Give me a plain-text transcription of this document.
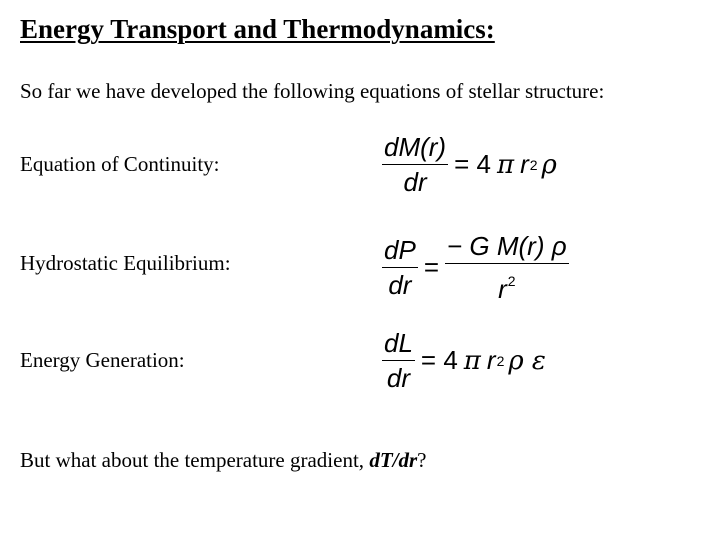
Energy Transport and Thermodynamics:
So far we have developed the following equations of stellar structure:
Equation of Continuity:	$\frac{dM(r)}{dr} = 4$ π r 2 ρ
Hydrostatic Equilibrium:	$\frac{dP}{dr} = \frac{\text{− G M(r) ρ}}{r^2}$
Energy Generation:	$\frac{dL}{dr} = 4$ π r 2 ρ ε
But what about the temperature gradient, dT/dr?
